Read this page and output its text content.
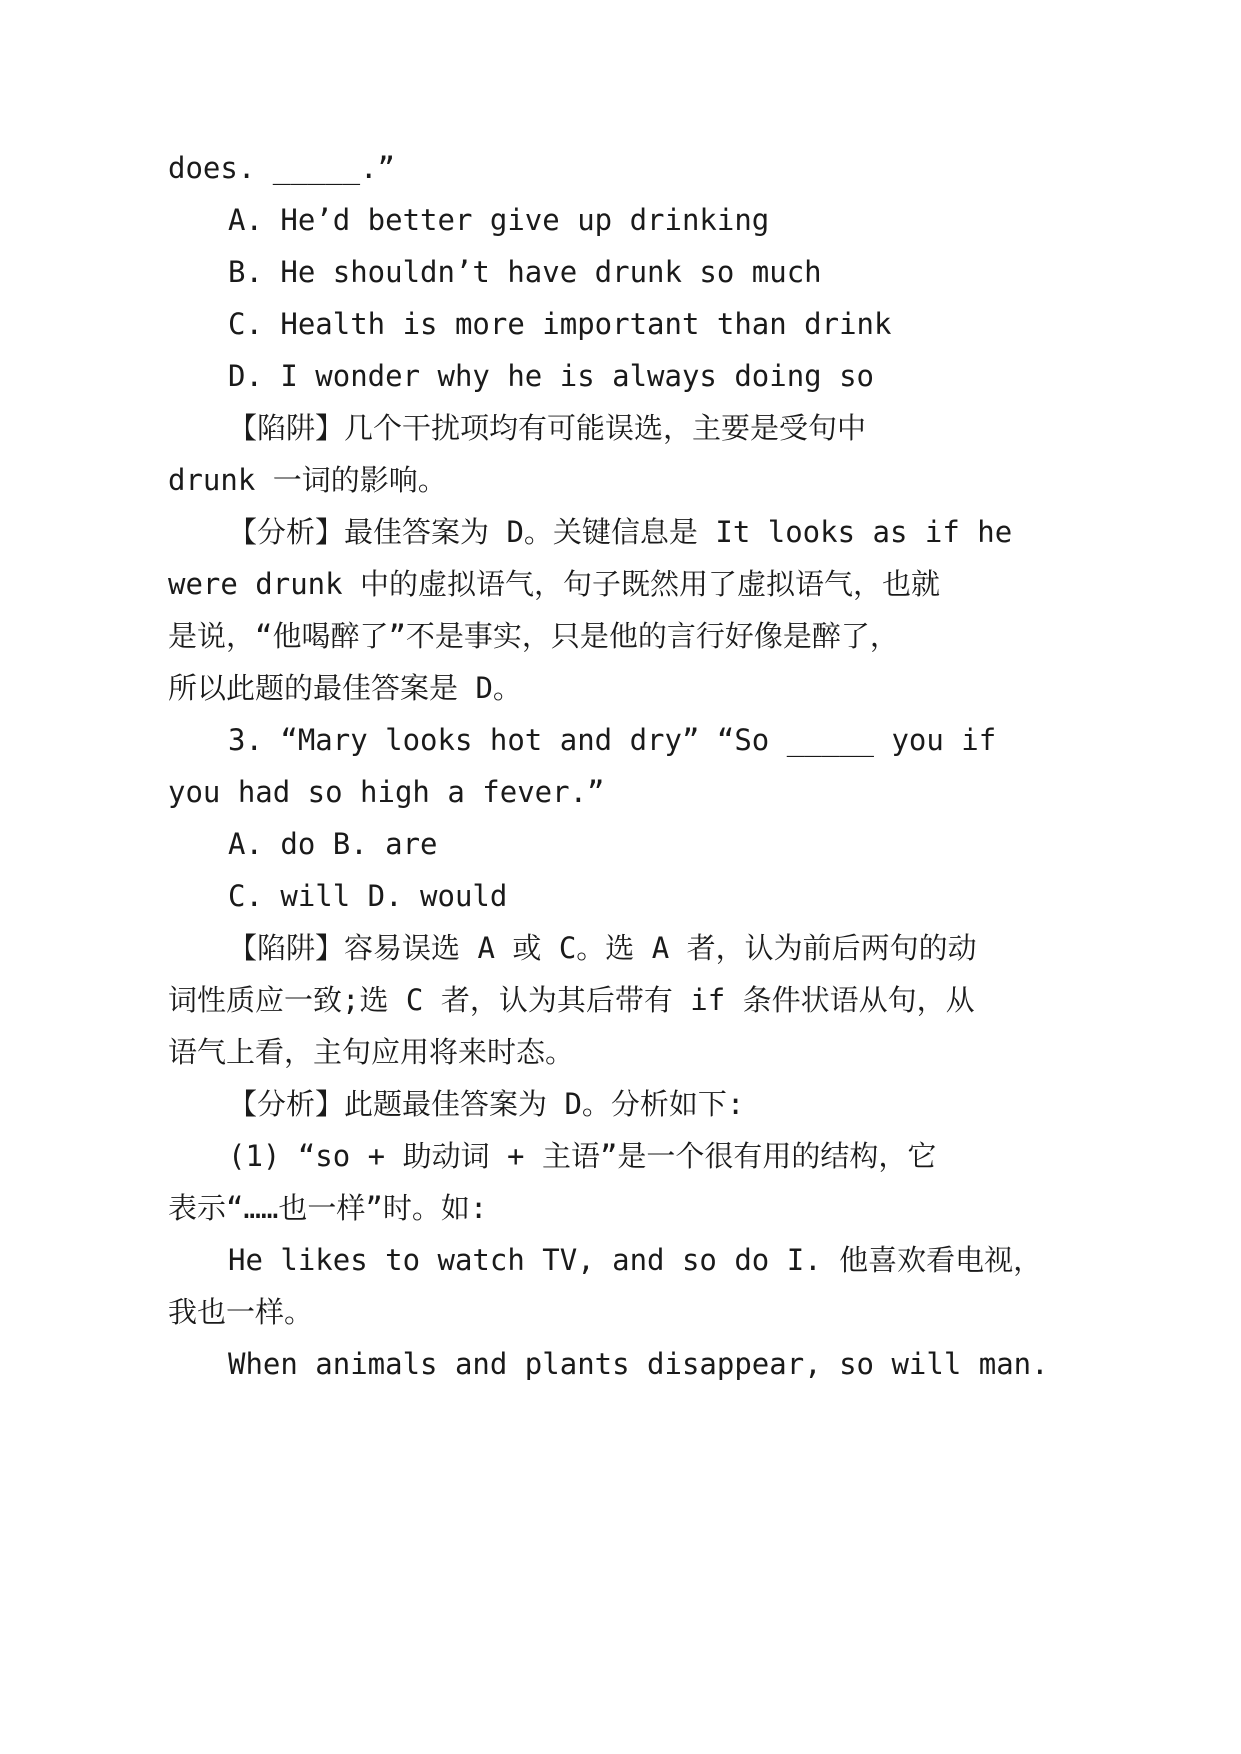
does. _____.”

A. He’d better give up drinking

B. He shouldn’t have drunk so much

C. Health is more important than drink

D. I wonder why he is always doing so

【陷阱】几个干扰项均有可能误选，主要是受句中

drunk 一词的影响。

【分析】最佳答案为 D。关键信息是 It looks as if he

were drunk 中的虚拟语气，句子既然用了虚拟语气，也就

是说，“他喝醉了”不是事实，只是他的言行好像是醉了，

所以此题的最佳答案是 D。

3. “Mary looks hot and dry” “So _____ you if

you had so high a fever.”

A. do B. are

C. will D. would

【陷阱】容易误选 A 或 C。选 A 者，认为前后两句的动

词性质应一致;选 C 者，认为其后带有 if 条件状语从句，从

语气上看，主句应用将来时态。

【分析】此题最佳答案为 D。分析如下:

(1) “so + 助动词 + 主语”是一个很有用的结构，它

表示“……也一样”时。如:

He likes to watch TV, and so do I. 他喜欢看电视，

我也一样。

When animals and plants disappear, so will man.
